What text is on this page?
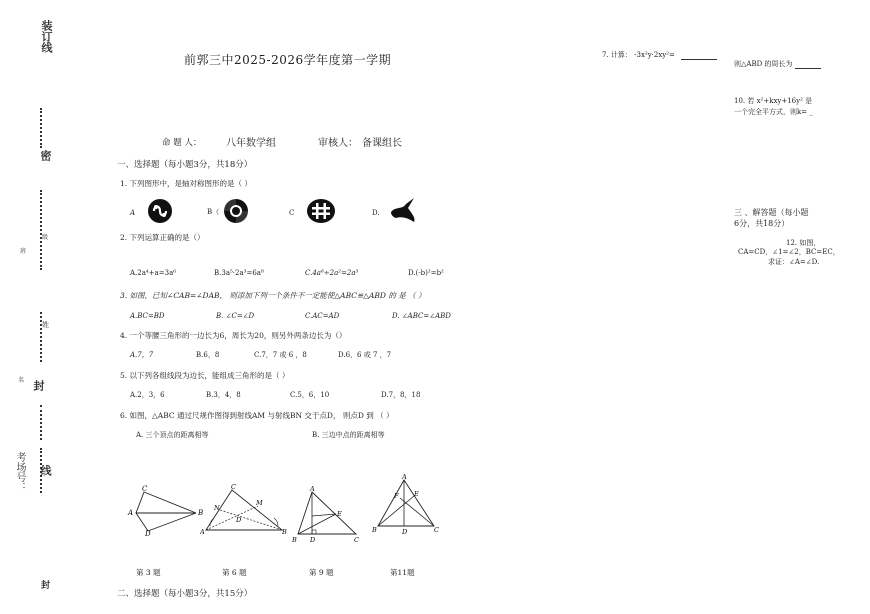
装订线
密
班
级
姓
名 封
考场号： 线
封
前郭三中2025-2026学年度第一学期
命 题 人： 八年数学组	审核人： 备课组长
一、选择题（每小题3分，共18分）
1. 下列图形中，是轴对称图形的是（ ）
A	B（	C	D.
2. 下列运算正确的是（）
A.2a⁴+a=3a⁶	B.3a⁵·2a³=6a⁸	C.4a⁶÷2a²=2a³	D.(-b)²=b²
3. 如图，已知∠CAB=∠DAB， 则添加下列一个条件不一定能使△ABC≌△ABD 的 是 （ ）
A.BC=BD	B. ∠C=∠D	C.AC=AD	D. ∠ABC=∠ABD
4. 一个等腰三角形的一边长为6，周长为20，则另外两条边长为（）
A.7，7	B.6，8	C.7，7 或 6 ，8	D.6，6 或 7 ，7
5. 以下列各组线段为边长，能组成三角形的是（ ）
A.2，3，6	B.3，4，8	C.5，6，10	D.7，8，18
6. 如图，△ABC 通过尺规作图得到射线AM 与射线BN 交于点D， 则点D 到 （ ）
A. 三个顶点的距离相等	B. 三边中点的距离相等
C
A	B
D
C
N
M
D
A	B
A
E
B D	C
A
F E
B	D	C
第 3 题	第 6 题	第 9 题	第11题
二、选择题（每小题3分，共15分）
7. 计算： -3x²y·2xy²=
则△ABD 的周长为
10. 若 x²+kxy+16y² 是
一个完全平方式，则k= _
三 、解答题（每小题
6分，共18分）
12. 如图，
CA=CD，∠1=∠2，BC=EC，
求证：∠A=∠D.
